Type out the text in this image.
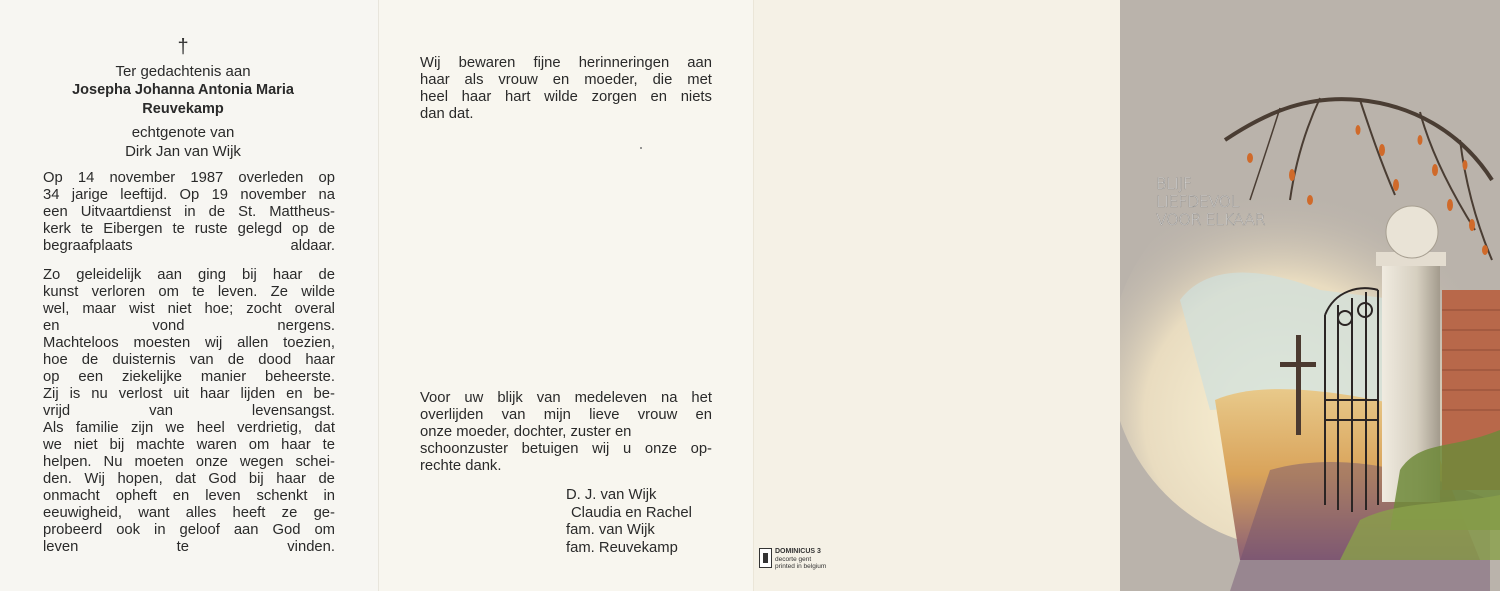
†
Ter gedachtenis aan
Josepha Johanna Antonia Maria
Reuvekamp
echtgenote van
Dirk Jan van Wijk
Op 14 november 1987 overleden op
34 jarige leeftijd. Op 19 november na
een Uitvaartdienst in de St. Mattheus-
kerk te Eibergen te ruste gelegd op de
begraafplaats aldaar.
Zo geleidelijk aan ging bij haar de
kunst verloren om te leven. Ze wilde
wel, maar wist niet hoe; zocht overal
en vond nergens.
Machteloos moesten wij allen toezien,
hoe de duisternis van de dood haar
op een ziekelijke manier beheerste.
Zij is nu verlost uit haar lijden en be-
vrijd van levensangst.
Als familie zijn we heel verdrietig, dat
we niet bij machte waren om haar te
helpen. Nu moeten onze wegen schei-
den. Wij hopen, dat God bij haar de
onmacht opheft en leven schenkt in
eeuwigheid, want alles heeft ze ge-
probeerd ook in geloof aan God om
leven te vinden.
Wij bewaren fijne herinneringen aan
haar als vrouw en moeder, die met
heel haar hart wilde zorgen en niets
dan dat.
Voor uw blijk van medeleven na het
overlijden van mijn lieve vrouw en
onze moeder, dochter, zuster en
schoonzuster betuigen wij u onze op-
rechte dank.
D. J. van Wijk
Claudia en Rachel
fam. van Wijk
fam. Reuvekamp	DOMINICUS 3
decorte gent
printed in belgium
BLIJF
LIEFDEVOL
VOOR ELKAAR
